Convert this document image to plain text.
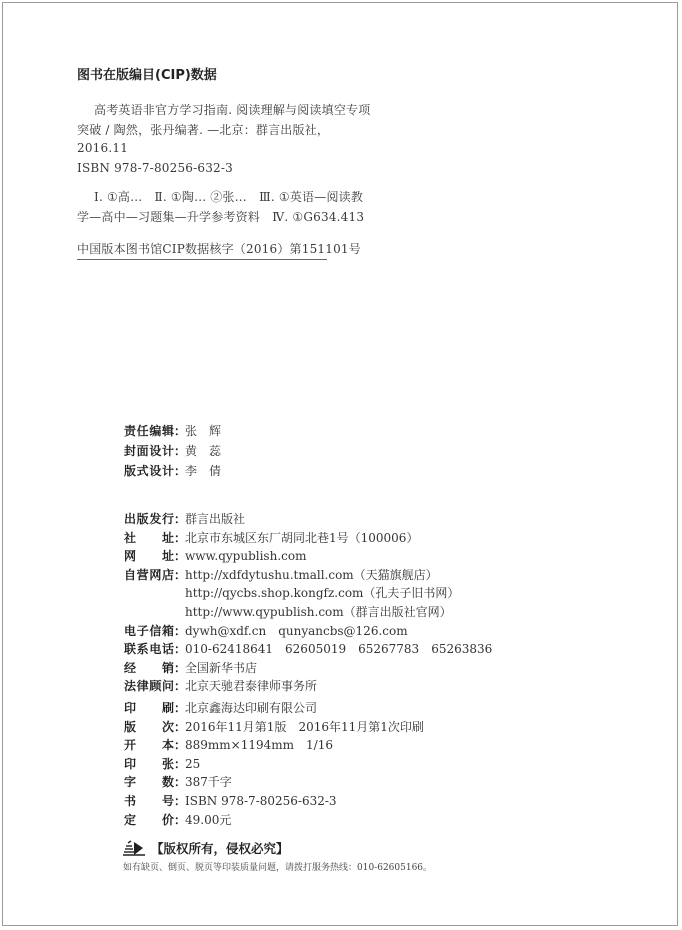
图书在版编目(CIP)数据
高考英语非官方学习指南. 阅读理解与阅读填空专项
突破 / 陶然，张丹编著. —北京：群言出版社，
2016.11
ISBN 978-7-80256-632-3
Ⅰ. ①高…　Ⅱ. ①陶… ②张…　Ⅲ. ①英语—阅读教
学—高中—习题集—升学参考资料　Ⅳ. ①G634.413
中国版本图书馆CIP数据核字（2016）第151101号
责 任 编 辑 ：
张　辉
封 面 设 计 ：
黄　蕊
版 式 设 计 ：
李　倩
出 版 发 行 ：
群言出版社
社 址 ：
北京市东城区东厂胡同北巷1号（100006）
网 址 ：
www.qypublish.com
自 营 网 店 ：
http://xdfdytushu.tmall.com（天猫旗舰店）
http://qycbs.shop.kongfz.com（孔夫子旧书网）
http://www.qypublish.com（群言出版社官网）
电 子 信 箱 ：
dywh@xdf.cn　qunyancbs@126.com
联 系 电 话 ：
010-62418641　62605019　65267783　65263836
经 销 ：
全国新华书店
法 律 顾 问 ：
北京天驰君泰律师事务所
印 刷 ：
北京鑫海达印刷有限公司
版 次 ：
2016年11月第1版　2016年11月第1次印刷
开 本 ：
889mm×1194mm　1/16
印 张 ：
25
字 数 ：
387千字
书 号 ：
ISBN 978-7-80256-632-3
定 价 ：
49.00元
【版权所有，侵权必究】
如有缺页、倒页、脱页等印装质量问题，请拨打服务热线：010-62605166。
